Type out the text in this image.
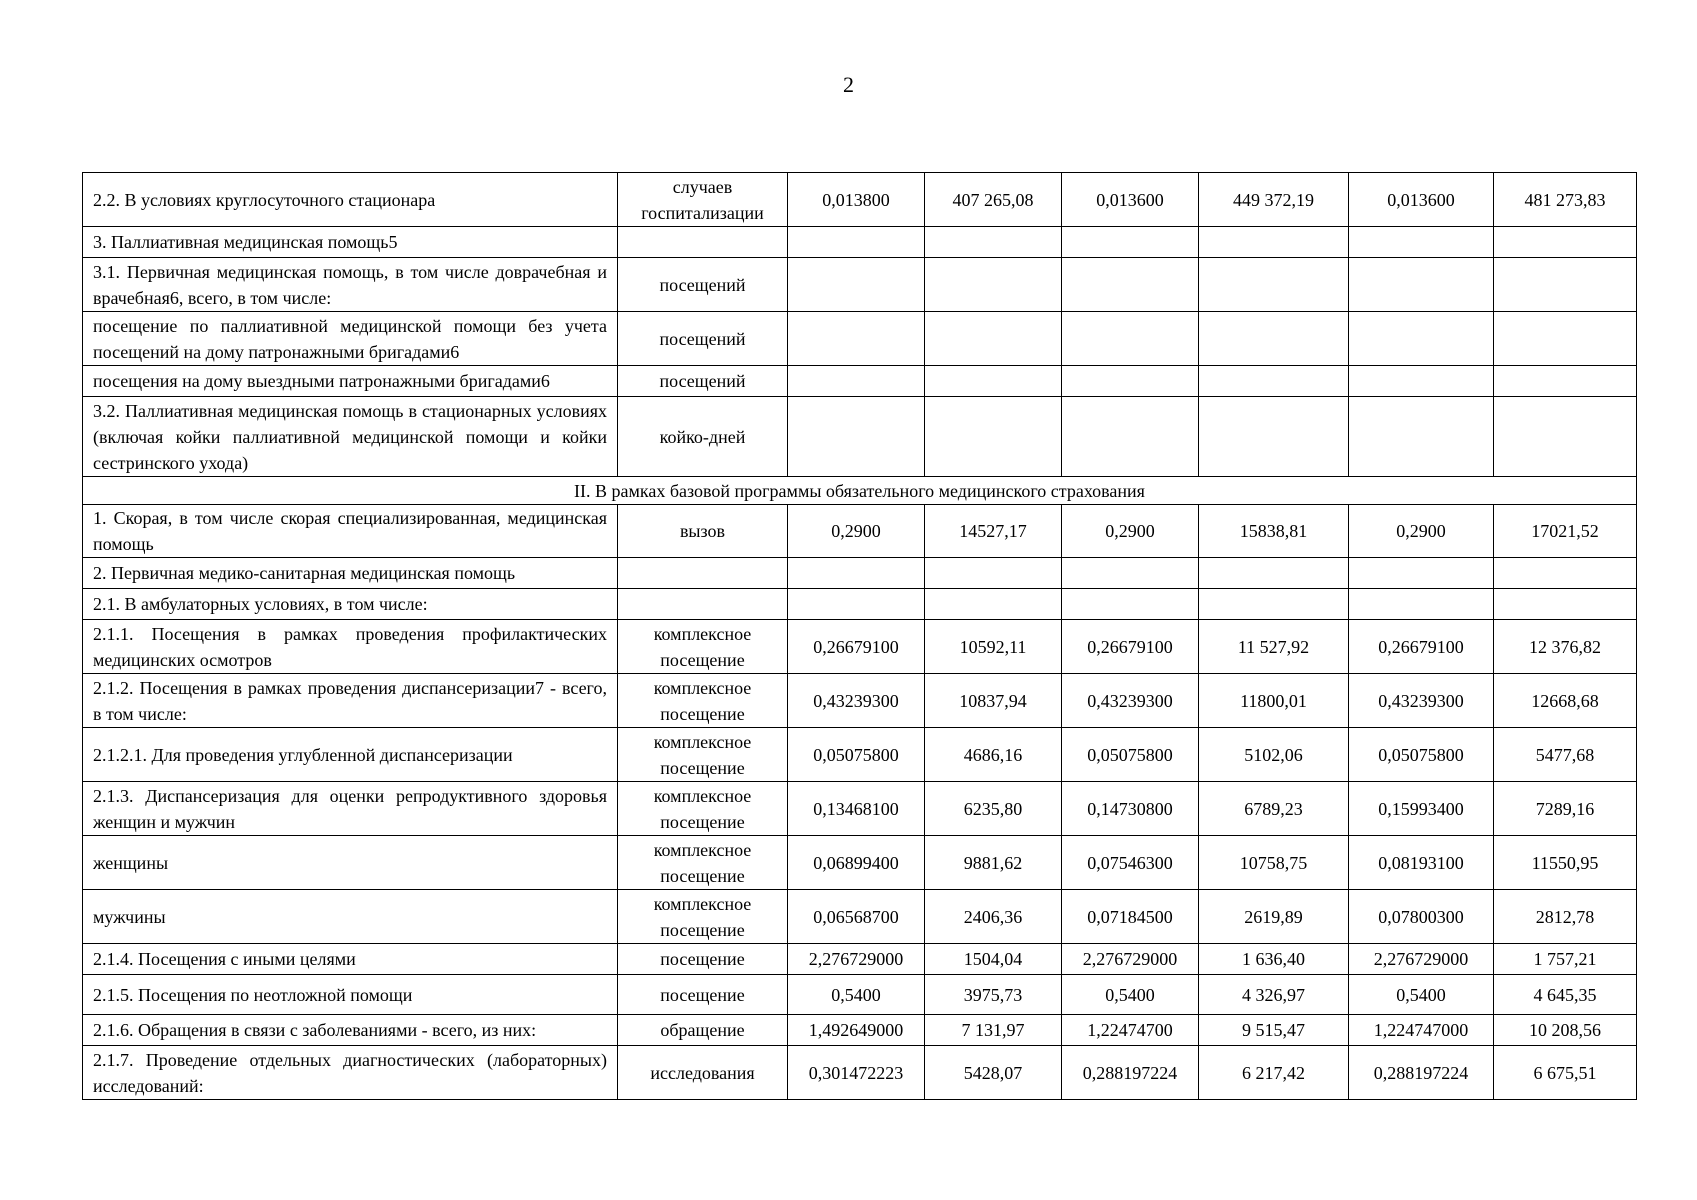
2
2.2. В условиях круглосуточного стационара	случаев госпитализации	0,013800	407 265,08	0,013600	449 372,19	0,013600	481 273,83
3. Паллиативная медицинская помощь5							
3.1. Первичная медицинская помощь, в том числе доврачебная и врачебная6, всего, в том числе:	посещений						
посещение по паллиативной медицинской помощи без учета посещений на дому патронажными бригадами6	посещений						
посещения на дому выездными патронажными бригадами6	посещений						
3.2. Паллиативная медицинская помощь в стационарных условиях (включая койки паллиативной медицинской помощи и койки сестринского ухода)	койко-дней						
II. В рамках базовой программы обязательного медицинского страхования							
1. Скорая, в том числе скорая специализированная, медицинская помощь	вызов	0,2900	14527,17	0,2900	15838,81	0,2900	17021,52
2. Первичная медико-санитарная медицинская помощь							
2.1. В амбулаторных условиях, в том числе:							
2.1.1. Посещения в рамках проведения профилактических медицинских осмотров	комплексное посещение	0,26679100	10592,11	0,26679100	11 527,92	0,26679100	12 376,82
2.1.2. Посещения в рамках проведения диспансеризации7 - всего, в том числе:	комплексное посещение	0,43239300	10837,94	0,43239300	11800,01	0,43239300	12668,68
2.1.2.1. Для проведения углубленной диспансеризации	комплексное посещение	0,05075800	4686,16	0,05075800	5102,06	0,05075800	5477,68
2.1.3. Диспансеризация для оценки репродуктивного здоровья женщин и мужчин	комплексное посещение	0,13468100	6235,80	0,14730800	6789,23	0,15993400	7289,16
женщины	комплексное посещение	0,06899400	9881,62	0,07546300	10758,75	0,08193100	11550,95
мужчины	комплексное посещение	0,06568700	2406,36	0,07184500	2619,89	0,07800300	2812,78
2.1.4. Посещения с иными целями	посещение	2,276729000	1504,04	2,276729000	1 636,40	2,276729000	1 757,21
2.1.5. Посещения по неотложной помощи	посещение	0,5400	3975,73	0,5400	4 326,97	0,5400	4 645,35
2.1.6. Обращения в связи с заболеваниями - всего, из них:	обращение	1,492649000	7 131,97	1,22474700	9 515,47	1,224747000	10 208,56
2.1.7. Проведение отдельных диагностических (лабораторных) исследований:	исследования	0,301472223	5428,07	0,288197224	6 217,42	0,288197224	6 675,51
